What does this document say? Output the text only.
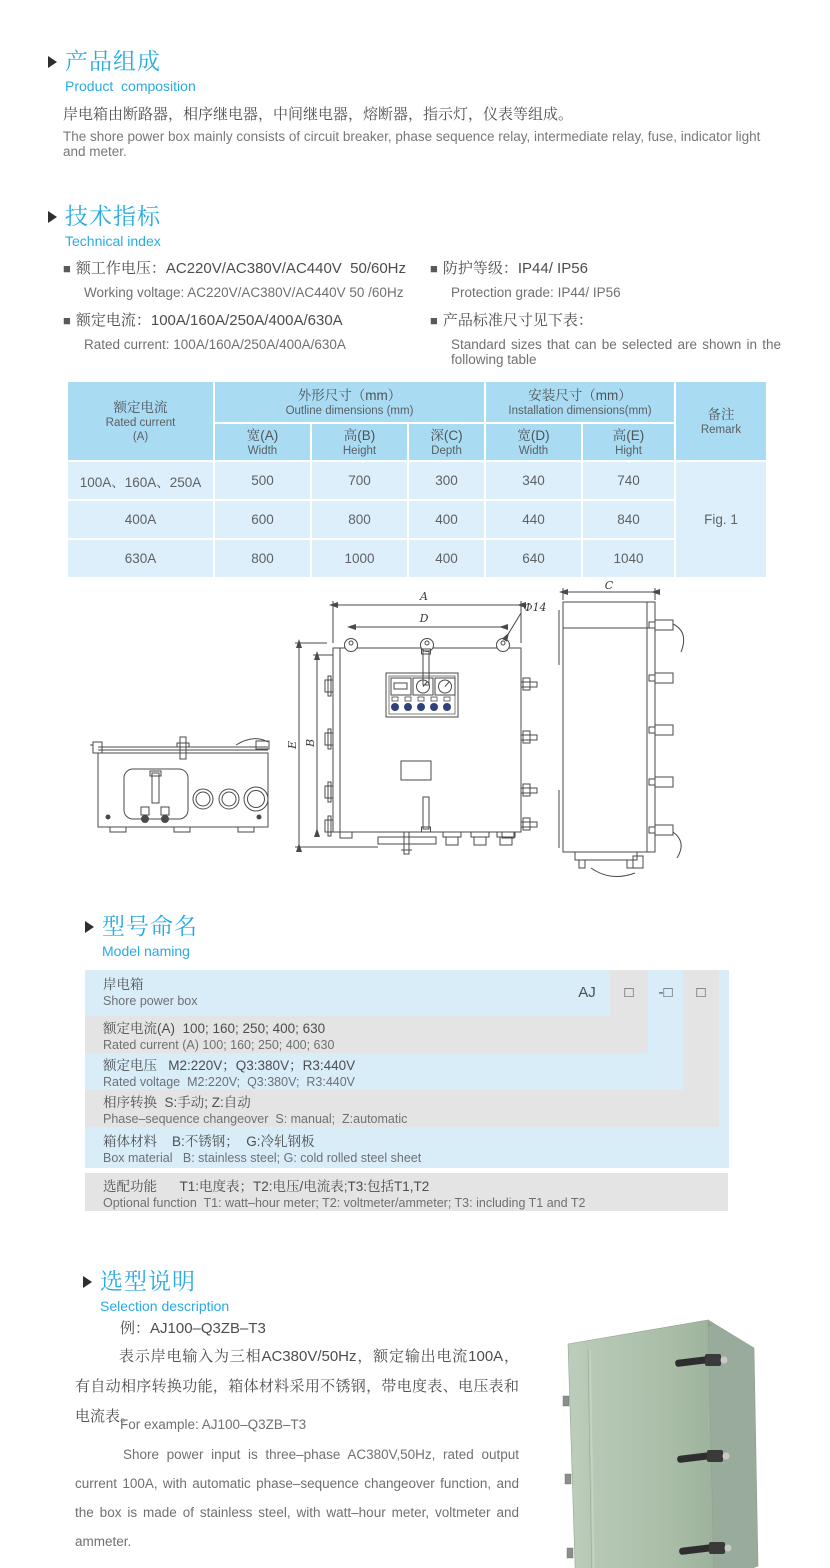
产品组成
Product  composition
岸电箱由断路器，相序继电器，中间继电器，熔断器，指示灯，仪表等组成。
The shore power box mainly consists of circuit breaker, phase sequence relay, intermediate relay, fuse, indicator light and meter.
技术指标
Technical index
■ 额工作电压：AC220V/AC380V/AC440V  50/60Hz
Working voltage: AC220V/AC380V/AC440V 50 /60Hz
■ 额定电流：100A/160A/250A/400A/630A
Rated current: 100A/160A/250A/400A/630A
■ 防护等级：IP44/ IP56
Protection grade: IP44/ IP56
■ 产品标准尺寸见下表：
Standard sizes that can be selected are shown in the following table
额定电流
Rated current
(A)	外形尺寸（mm）
Outline dimensions (mm)			安装尺寸（mm）
Installation dimensions(mm)		备注
Remark

	宽(A)
Width	高(B)
Height	深(C)
Depth	宽(D)
Width	高(E)
Hight	

100A、160A、250A	500	700	300	340	740	Fig. 1
400A	600	800	400	440	840	
630A	800	1000	400	640	1040	
A
D
Φ14
E B
C
型号命名
Model naming
岸电箱
Shore power box
额定电流(A)  100; 160; 250; 400; 630
Rated current (A) 100; 160; 250; 400; 630
额定电压   M2:220V；Q3:380V；R3:440V
Rated voltage  M2:220V;  Q3:380V;  R3:440V
相序转换  S:手动; Z:自动
Phase–sequence changeover  S: manual;  Z:automatic
箱体材料    B:不锈钢；  G:冷轧钢板
Box material   B: stainless steel; G: cold rolled steel sheet
选配功能      T1:电度表；T2:电压/电流表;T3:包括T1,T2
Optional function  T1: watt–hour meter; T2: voltmeter/ammeter; T3: including T1 and T2
AJ	□	-□	□
选型说明
Selection description
例：AJ100–Q3ZB–T3
表示岸电输入为三相AC380V/50Hz，额定输出电流100A，有自动相序转换功能，箱体材料采用不锈钢，带电度表、电压表和电流表。
For example: AJ100–Q3ZB–T3
Shore power input is three–phase AC380V,50Hz, rated output current 100A, with automatic phase–sequence changeover function, and the box is made of stainless steel, with watt–hour meter, voltmeter and ammeter.
